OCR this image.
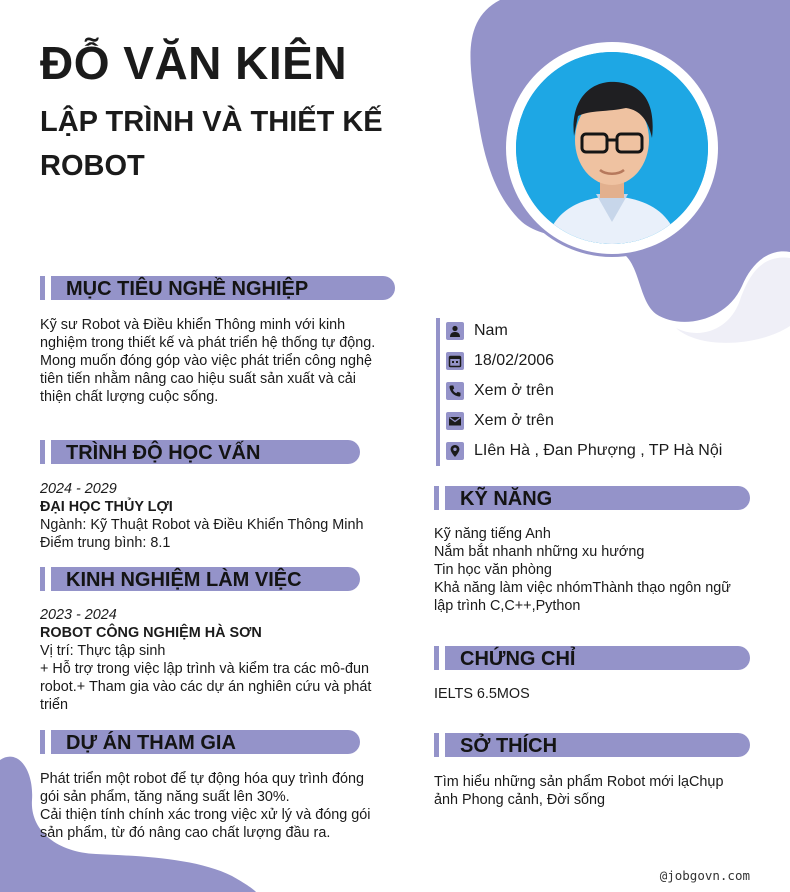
ĐỖ VĂN KIÊN
LẬP TRÌNH VÀ THIẾT KẾ
ROBOT
MỤC TIÊU NGHỀ NGHIỆP
Kỹ sư Robot và Điều khiển Thông minh với kinh
nghiệm trong thiết kế và phát triển hệ thống tự động.
Mong muốn đóng góp vào việc phát triển công nghệ
tiên tiến nhằm nâng cao hiệu suất sản xuất và cải
thiện chất lượng cuộc sống.
TRÌNH ĐỘ HỌC VẤN
2024 - 2029
ĐẠI HỌC THỦY LỢI
Ngành: Kỹ Thuật Robot và Điều Khiển Thông Minh
Điểm trung bình: 8.1
KINH NGHIỆM LÀM VIỆC
2023 - 2024
ROBOT CÔNG NGHIỆM HÀ SƠN
Vị trí: Thực tập sinh
+ Hỗ trợ trong việc lập trình và kiểm tra các mô-đun
robot.+ Tham gia vào các dự án nghiên cứu và phát
triển
DỰ ÁN THAM GIA
Phát triển một robot để tự động hóa quy trình đóng
gói sản phẩm, tăng năng suất lên 30%.
Cải thiện tính chính xác trong việc xử lý và đóng gói
sản phẩm, từ đó nâng cao chất lượng đầu ra.
Nam
18/02/2006
Xem ở trên
Xem ở trên
LIên Hà , Đan Phượng , TP Hà Nội
KỸ NĂNG
Kỹ năng tiếng Anh
Nắm bắt nhanh những xu hướng
Tin học văn phòng
Khả năng làm việc nhómThành thạo ngôn ngữ
lập trình C,C++,Python
CHỨNG CHỈ
IELTS 6.5MOS
SỞ THÍCH
Tìm hiểu những sản phẩm Robot mới lạChụp
ảnh Phong cảnh, Đời sống
@jobgovn.com
